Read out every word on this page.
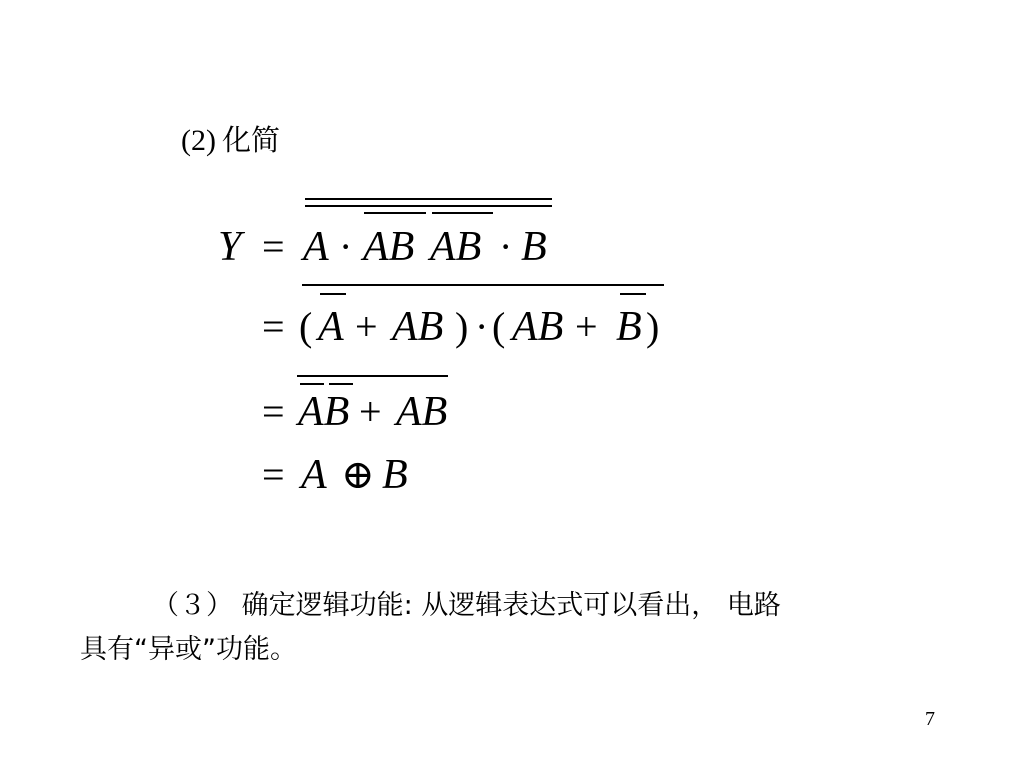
(2) 化简
Y = A · AB AB · B
= ( A + AB ) · ( AB + B )
= AB + AB
= A ⊕ B
（３） 确定逻辑功能: 从逻辑表达式可以看出， 电路
具有“异或”功能。
7
